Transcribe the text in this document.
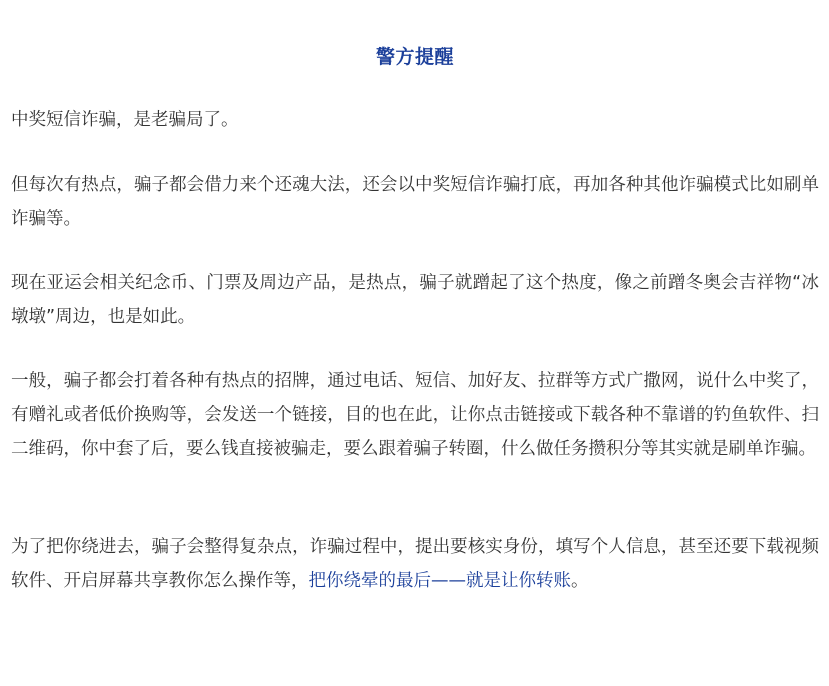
警方提醒

中奖短信诈骗，是老骗局了。

但每次有热点，骗子都会借力来个还魂大法，还会以中奖短信诈骗打底，再加各种其他诈骗模式比如刷单诈骗等。

现在亚运会相关纪念币、门票及周边产品，是热点，骗子就蹭起了这个热度，像之前蹭冬奥会吉祥物“冰墩墩”周边，也是如此。

一般，骗子都会打着各种有热点的招牌，通过电话、短信、加好友、拉群等方式广撒网，说什么中奖了，有赠礼或者低价换购等，会发送一个链接，目的也在此，让你点击链接或下载各种不靠谱的钓鱼软件、扫二维码，你中套了后，要么钱直接被骗走，要么跟着骗子转圈，什么做任务攒积分等其实就是刷单诈骗。

为了把你绕进去，骗子会整得复杂点，诈骗过程中，提出要核实身份，填写个人信息，甚至还要下载视频软件、开启屏幕共享教你怎么操作等，把你绕晕的最后——就是让你转账。
